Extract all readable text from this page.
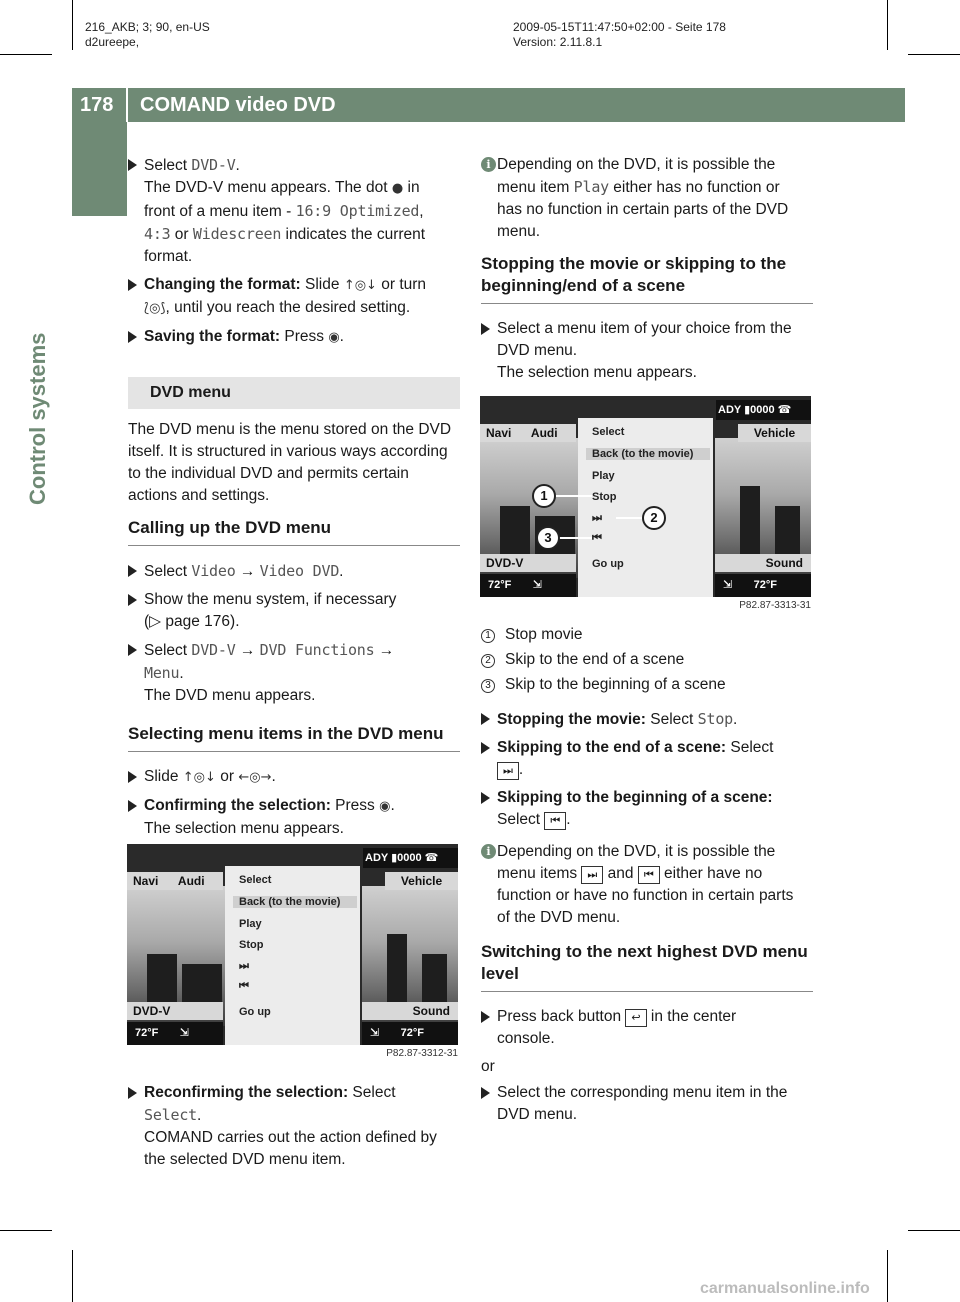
216_AKB; 3; 90, en-US
d2ureepe,
2009-05-15T11:47:50+02:00 - Seite 178
Version: 2.11.8.1
178	COMAND video DVD
Control systems
Select DVD-V.
The DVD-V menu appears. The dot ● in
front of a menu item - 16:9 Optimized,
4:3 or Widescreen indicates the current
format.
Changing the format: Slide ↑◎↓ or turn
⟅◎⟆, until you reach the desired setting.
Saving the format: Press ◉.
DVD menu
The DVD menu is the menu stored on the DVD itself. It is structured in various ways according to the individual DVD and permits certain actions and settings.
Calling up the DVD menu
Select Video → Video DVD.
Show the menu system, if necessary
(▷ page 176).
Select DVD-V → DVD Functions →
Menu.
The DVD menu appears.
Selecting menu items in the DVD menu
Slide ↑◎↓ or ←◎→.
Confirming the selection: Press ◉.
The selection menu appears.
Navi Audi
ADY ▮0000 ☎
Vehicle
Select
Back (to the movie)
Play
Stop
⏭
⏮
Go up
DVD-V	Sound
72°F ⇲	⇲ 72°F
P82.87-3312-31
Reconfirming the selection: Select
Select.
COMAND carries out the action defined by the selected DVD menu item.
i Depending on the DVD, it is possible the
menu item Play either has no function or
has no function in certain parts of the DVD
menu.
Stopping the movie or skipping to the beginning/end of a scene
Select a menu item of your choice from the DVD menu.
The selection menu appears.
Navi Audi
ADY ▮0000 ☎
Vehicle
Select
Back (to the movie)
Play
Stop
⏭
⏮
Go up
1
2
3
DVD-V	Sound
72°F ⇲	⇲ 72°F
P82.87-3313-31
1 Stop movie
2 Skip to the end of a scene
3 Skip to the beginning of a scene
Stopping the movie: Select Stop.
Skipping to the end of a scene: Select
⏭ .
Skipping to the beginning of a scene:
Select ⏮ .
i Depending on the DVD, it is possible the
menu items ⏭ and ⏮ either have no
function or have no function in certain parts
of the DVD menu.
Switching to the next highest DVD menu level
Press back button ↩ in the center
console.
or
Select the corresponding menu item in the DVD menu.
carmanualsonline.info
